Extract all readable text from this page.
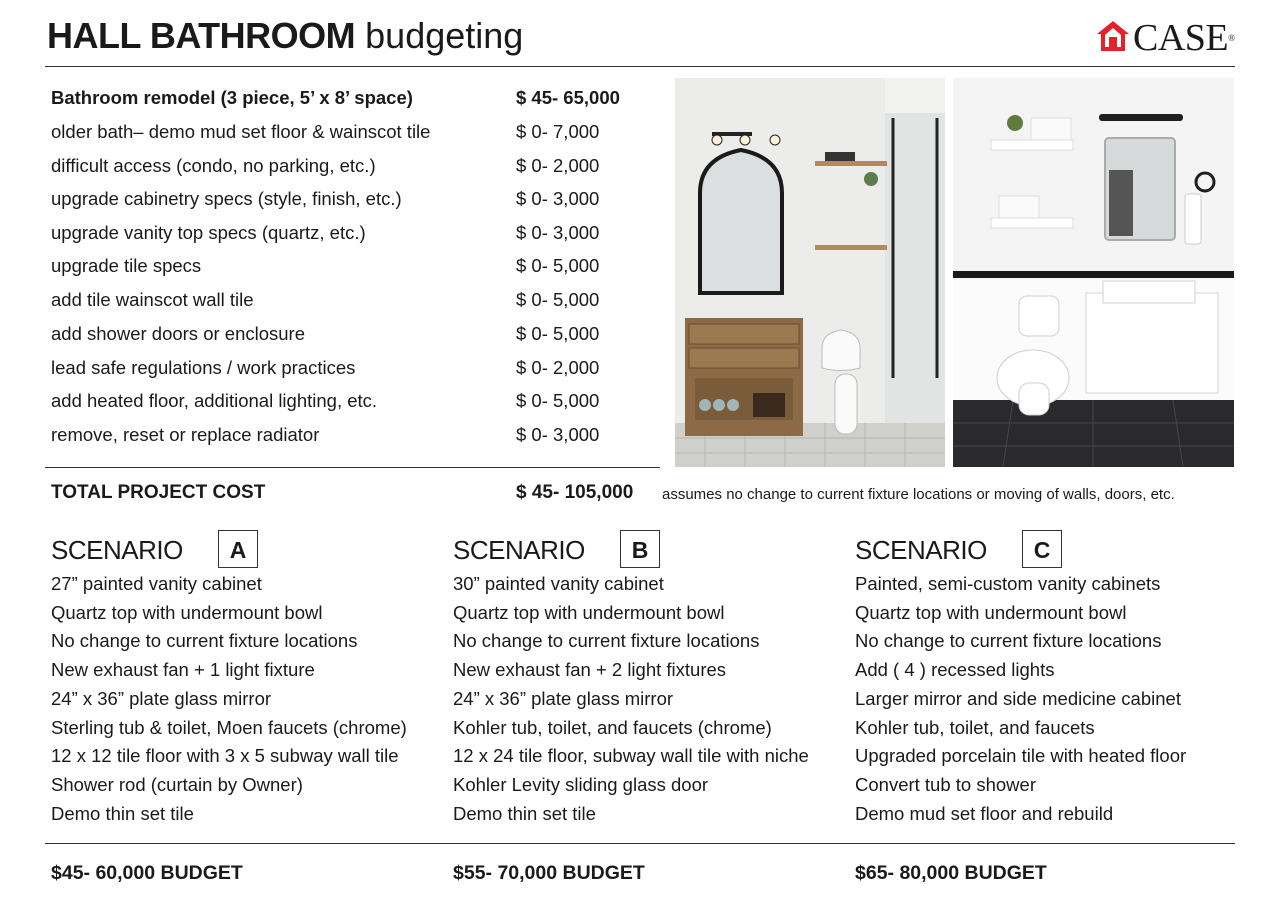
HALL BATHROOM budgeting	CASE®
Bathroom remodel (3 piece, 5’ x 8’ space)	$ 45- 65,000
older bath– demo mud set floor & wainscot tile	$ 0- 7,000
difficult access (condo, no parking, etc.)	$ 0- 2,000
upgrade cabinetry specs (style, finish, etc.)	$ 0- 3,000
upgrade vanity top specs (quartz, etc.)	$ 0- 3,000
upgrade tile specs	$ 0- 5,000
add tile wainscot wall tile	$ 0- 5,000
add shower doors or enclosure	$ 0- 5,000
lead safe regulations / work practices	$ 0- 2,000
add heated floor, additional lighting, etc.	$ 0- 5,000
remove, reset or replace radiator	$ 0- 3,000
TOTAL PROJECT COST	$ 45- 105,000 assumes no change to current fixture locations or moving of walls, doors, etc.
SCENARIO	A
27” painted vanity cabinet
Quartz top with undermount bowl
No change to current fixture locations
New exhaust fan + 1 light fixture
24” x 36” plate glass mirror
Sterling tub & toilet, Moen faucets (chrome)
12 x 12 tile floor with 3 x 5 subway wall tile
Shower rod (curtain by Owner)
Demo thin set tile
SCENARIO	B
30” painted vanity cabinet
Quartz top with undermount bowl
No change to current fixture locations
New exhaust fan + 2 light fixtures
24” x 36” plate glass mirror
Kohler tub, toilet, and faucets (chrome)
12 x 24 tile floor, subway wall tile with niche
Kohler Levity sliding glass door
Demo thin set tile
SCENARIO	C
Painted, semi-custom vanity cabinets
Quartz top with undermount bowl
No change to current fixture locations
Add ( 4 ) recessed lights
Larger mirror and side medicine cabinet
Kohler tub, toilet, and faucets
Upgraded porcelain tile with heated floor
Convert tub to shower
Demo mud set floor and rebuild
$45- 60,000 BUDGET	$55- 70,000 BUDGET	$65- 80,000 BUDGET
